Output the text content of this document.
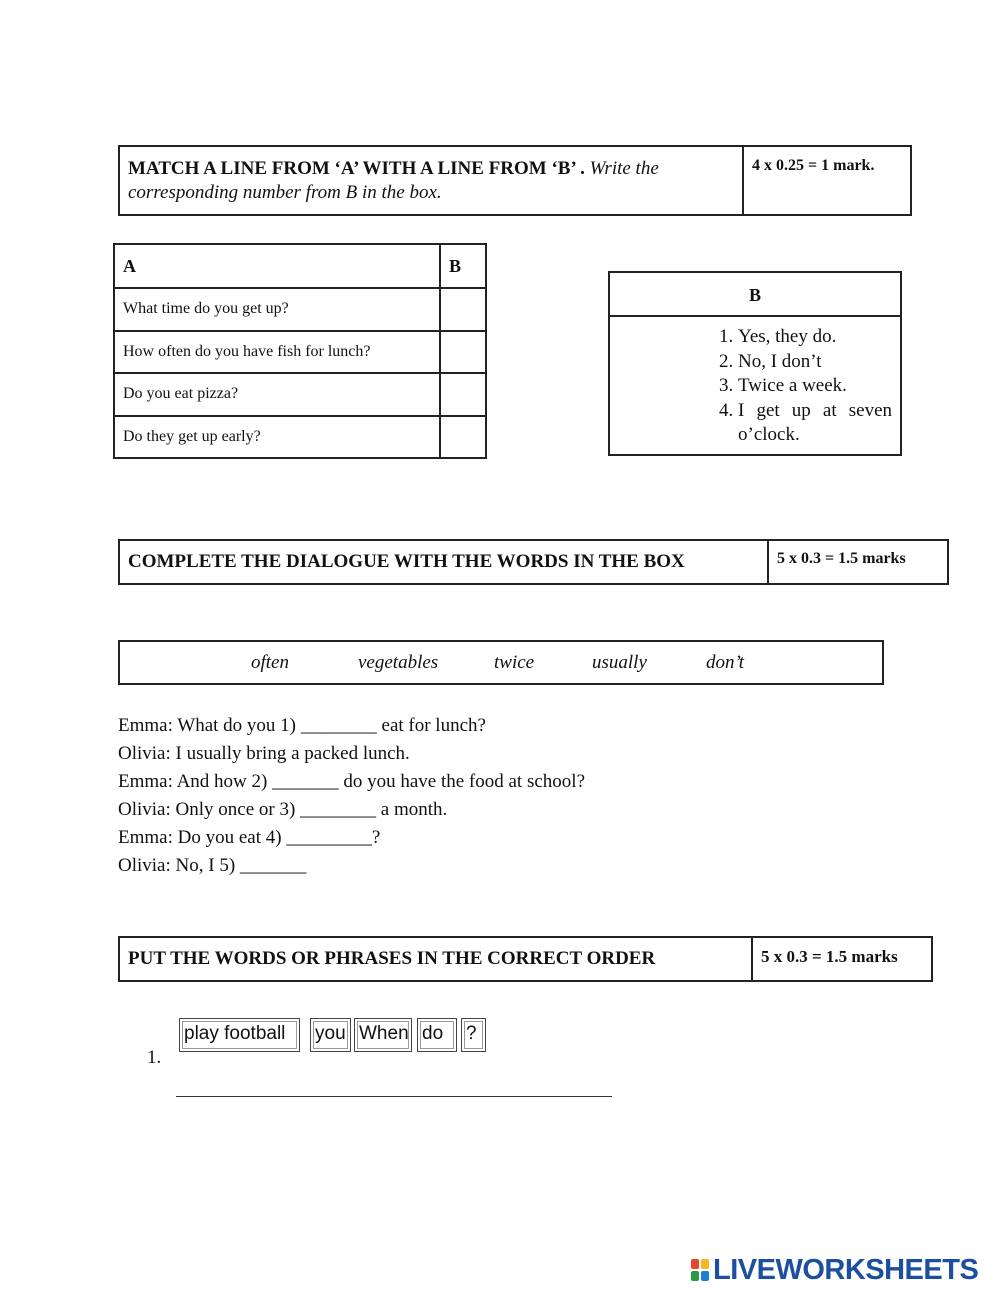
MATCH A LINE FROM ‘A’ WITH A LINE FROM ‘B’ . Write the corresponding number from B in the box.
4 x 0.25 = 1 mark.
A	B
What time do you get up?	
How often do you have fish for lunch?	
Do you eat pizza?	
Do they get up early?	
B
1. Yes, they do.
2. No, I don’t
3. Twice a week.
4. I get up at seven o’clock.
COMPLETE THE DIALOGUE WITH THE WORDS IN THE BOX	5 x 0.3 = 1.5 marks
often	vegetables	twice	usually	don’t
Emma: What do you 1) ________ eat for lunch?
Olivia: I usually bring a packed lunch.
Emma: And how 2) _______ do you have the food at school?
Olivia: Only once or 3) ________ a month.
Emma: Do you eat 4) _________?
Olivia: No, I 5) _______
PUT THE WORDS OR PHRASES IN THE CORRECT ORDER	5 x 0.3 = 1.5 marks
1.
play football	you When do	?
LIVEWORKSHEETS
